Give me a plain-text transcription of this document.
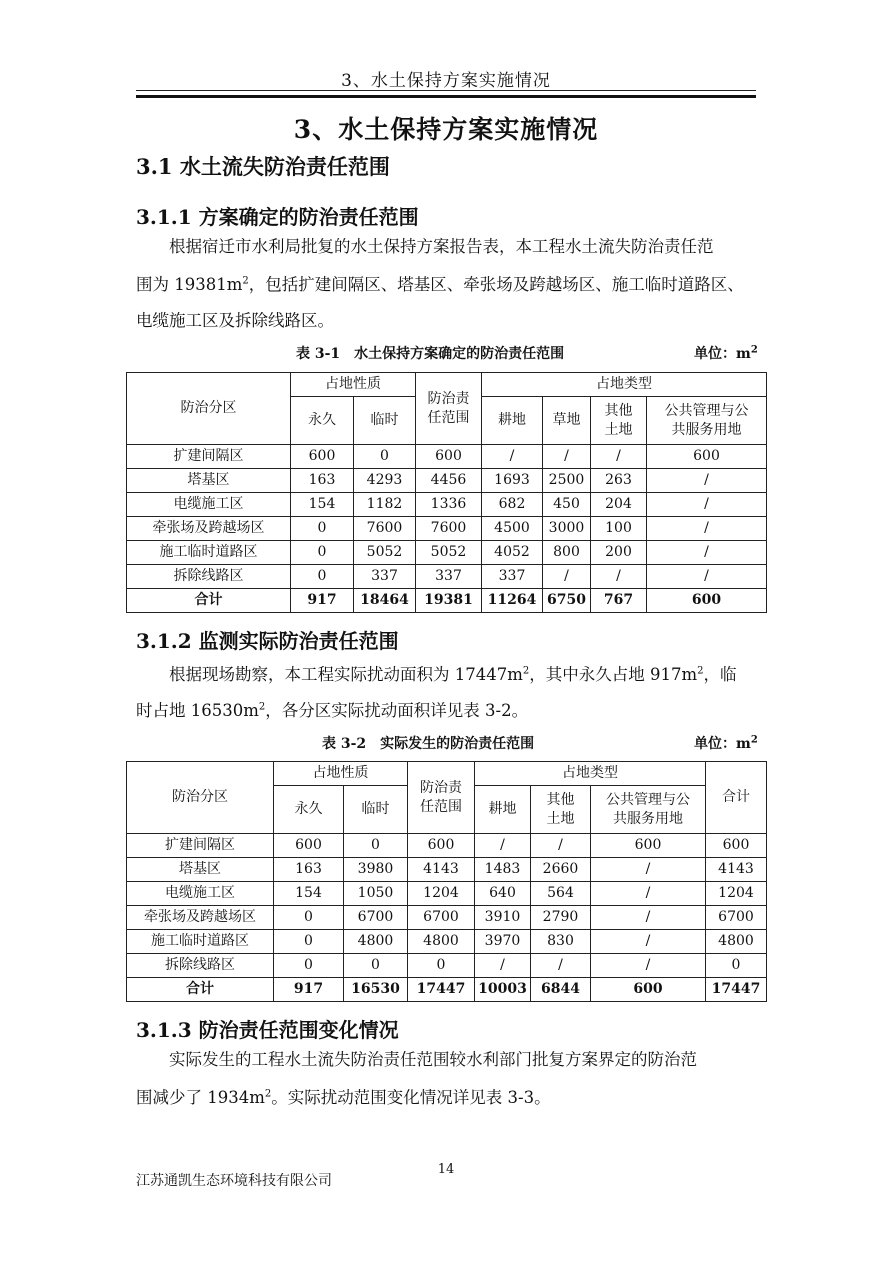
3、水土保持方案实施情况
3、水土保持方案实施情况
3.1 水土流失防治责任范围
3.1.1 方案确定的防治责任范围
根据宿迁市水利局批复的水土保持方案报告表，本工程水土流失防治责任范
围为 $19381m^2$，包括扩建间隔区、塔基区、牵张场及跨越场区、施工临时道路区、
电缆施工区及拆除线路区。
表 3-1　水土保持方案确定的防治责任范围	单位：$m^2$
防治分区	占地性质		防治责
任范围	占地类型			
	永久	临时		耕地	草地	其他
土地	公共管理与公
共服务用地
扩建间隔区	600	0	600	/	/	/	600
塔基区	163	4293	4456	1693	2500	263	/
电缆施工区	154	1182	1336	682	450	204	/
牵张场及跨越场区	0	7600	7600	4500	3000	100	/
施工临时道路区	0	5052	5052	4052	800	200	/
拆除线路区	0	337	337	337	/	/	/
合计	917	18464	19381	11264	6750	767	600
3.1.2 监测实际防治责任范围
根据现场勘察，本工程实际扰动面积为 $17447m^2$，其中永久占地 $917m^2$，临
时占地 $16530m^2$，各分区实际扰动面积详见表 3-2。
表 3-2　实际发生的防治责任范围	单位：$m^2$
防治分区	占地性质		防治责
任范围	占地类型			合计
	永久	临时		耕地	其他
土地	公共管理与公
共服务用地	
扩建间隔区	600	0	600	/	/	600	600
塔基区	163	3980	4143	1483	2660	/	4143
电缆施工区	154	1050	1204	640	564	/	1204
牵张场及跨越场区	0	6700	6700	3910	2790	/	6700
施工临时道路区	0	4800	4800	3970	830	/	4800
拆除线路区	0	0	0	/	/	/	0
合计	917	16530	17447	10003	6844	600	17447
3.1.3 防治责任范围变化情况
实际发生的工程水土流失防治责任范围较水利部门批复方案界定的防治范
围减少了 $1934m^2$。实际扰动范围变化情况详见表 3-3。
14
江苏通凯生态环境科技有限公司
